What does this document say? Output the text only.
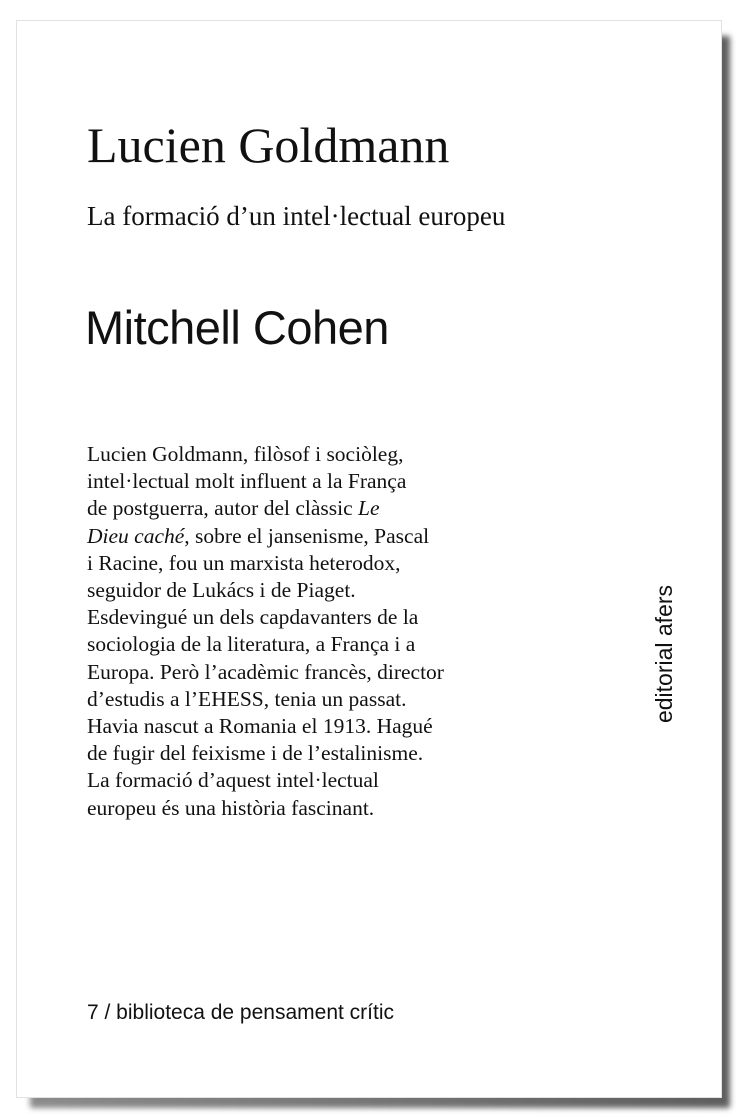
Lucien Goldmann

La formació d’un intel·lectual europeu

Mitchell Cohen

Lucien Goldmann, filòsof i sociòleg,
intel·lectual molt influent a la França
de postguerra, autor del clàssic Le
Dieu caché, sobre el jansenisme, Pascal
i Racine, fou un marxista heterodox,
seguidor de Lukács i de Piaget.
Esdevingué un dels capdavanters de la
sociologia de la literatura, a França i a
Europa. Però l’acadèmic francès, director
d’estudis a l’EHESS, tenia un passat.
Havia nascut a Romania el 1913. Hagué
de fugir del feixisme i de l’estalinisme.
La formació d’aquest intel·lectual
europeu és una història fascinant.

editorial afers

7 / biblioteca de pensament crític
